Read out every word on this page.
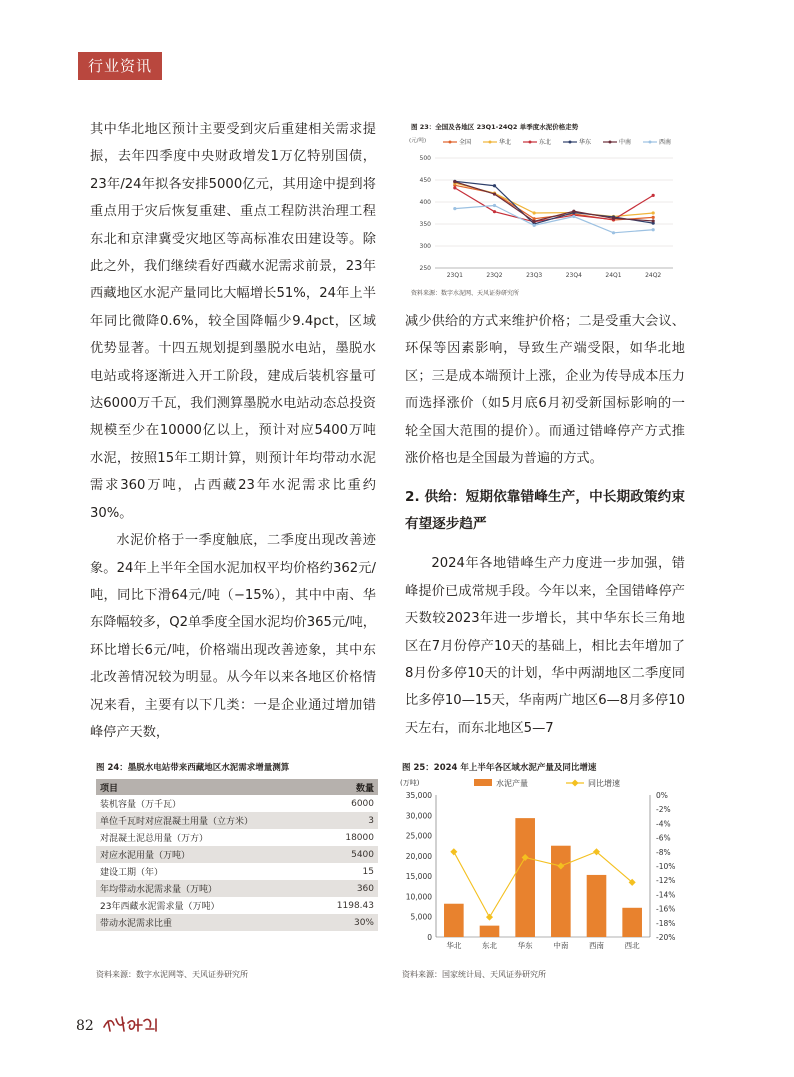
行业资讯

其中华北地区预计主要受到灾后重建相关需求提振，去年四季度中央财政增发1万亿特别国债，23年/24年拟各安排5000亿元，其用途中提到将重点用于灾后恢复重建、重点工程防洪治理工程东北和京津冀受灾地区等高标准农田建设等。除此之外，我们继续看好西藏水泥需求前景，23年西藏地区水泥产量同比大幅增长51%，24年上半年同比微降0.6%，较全国降幅少9.4pct，区域优势显著。十四五规划提到墨脱水电站，墨脱水电站或将逐渐进入开工阶段，建成后装机容量可达6000万千瓦，我们测算墨脱水电站动态总投资规模至少在10000亿以上，预计对应5400万吨水泥，按照15年工期计算，则预计年均带动水泥需求360万吨，占西藏23年水泥需求比重约30%。

水泥价格于一季度触底，二季度出现改善迹象。24年上半年全国水泥加权平均价格约362元/吨，同比下滑64元/吨（−15%），其中中南、华东降幅较多，Q2单季度全国水泥均价365元/吨，环比增长6元/吨，价格端出现改善迹象，其中东北改善情况较为明显。从今年以来各地区价格情况来看，主要有以下几类：一是企业通过增加错峰停产天数，

图 23：全国及各地区 23Q1-24Q2 单季度水泥价格走势
(元/吨)
250
300
350
400
450
500
23Q1	23Q2	23Q3	23Q4	24Q1	24Q2
全国	华北	东北	华东	中南	西南
资料来源：数字水泥网、天风证券研究所

减少供给的方式来维护价格；二是受重大会议、环保等因素影响，导致生产端受限，如华北地区；三是成本端预计上涨，企业为传导成本压力而选择涨价（如5月底6月初受新国标影响的一轮全国大范围的提价）。而通过错峰停产方式推涨价格也是全国最为普遍的方式。

2. 供给：短期依靠错峰生产，中长期政策约束有望逐步趋严

2024年各地错峰生产力度进一步加强，错峰提价已成常规手段。今年以来，全国错峰停产天数较2023年进一步增长，其中华东长三角地区在7月份停产10天的基础上，相比去年增加了8月份多停10天的计划，华中两湖地区二季度同比多停10—15天，华南两广地区6—8月多停10天左右，而东北地区5—7

图 24：墨脱水电站带来西藏地区水泥需求增量测算
项目	数量
装机容量（万千瓦）	6000
单位千瓦时对应混凝土用量（立方米）	3
对混凝土泥总用量（万方）	18000
对应水泥用量（万吨）	5400
建设工期（年）	15
年均带动水泥需求量（万吨）	360
23年西藏水泥需求量（万吨）	1198.43
带动水泥需求比重	30%
资料来源：数字水泥网等、天风证券研究所
图 25：2024 年上半年各区域水泥产量及同比增速
(万吨)
0
5,000
10,000
15,000
20,000
25,000
30,000
35,000	0%
-2%
-4%
-6%
-8%
-10%
-12%
-14%
-16%
-18%
-20%
水泥产量	同比增速
华北	东北	华东	中南	西南	西北
资料来源：国家统计局、天风证券研究所
82
